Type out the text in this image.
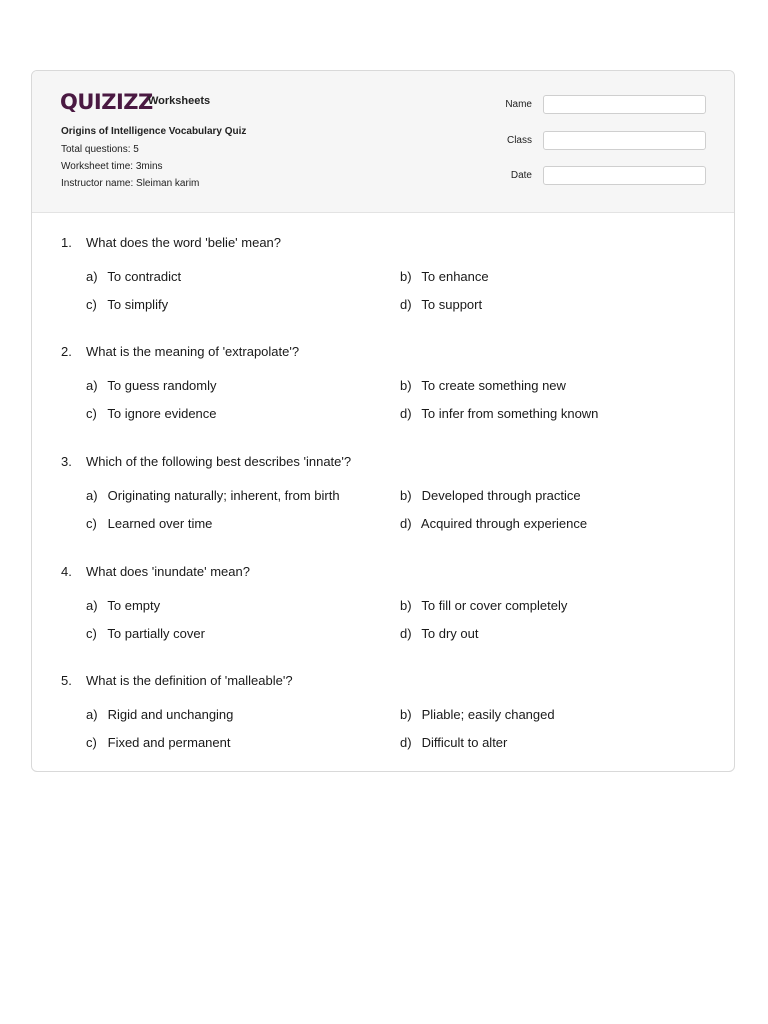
QUIZIZZ
Worksheets
Origins of Intelligence Vocabulary Quiz
Total questions: 5
Worksheet time: 3mins
Instructor name: Sleiman karim
Name
Class
Date
1. What does the word 'belie' mean?
a) To contradict	b) To enhance
c) To simplify	d) To support
2. What is the meaning of 'extrapolate'?
a) To guess randomly	b) To create something new
c) To ignore evidence	d) To infer from something known
3. Which of the following best describes 'innate'?
a) Originating naturally; inherent, from birth	b) Developed through practice
c) Learned over time	d) Acquired through experience
4. What does 'inundate' mean?
a) To empty	b) To fill or cover completely
c) To partially cover	d) To dry out
5. What is the definition of 'malleable'?
a) Rigid and unchanging	b) Pliable; easily changed
c) Fixed and permanent	d) Difficult to alter
